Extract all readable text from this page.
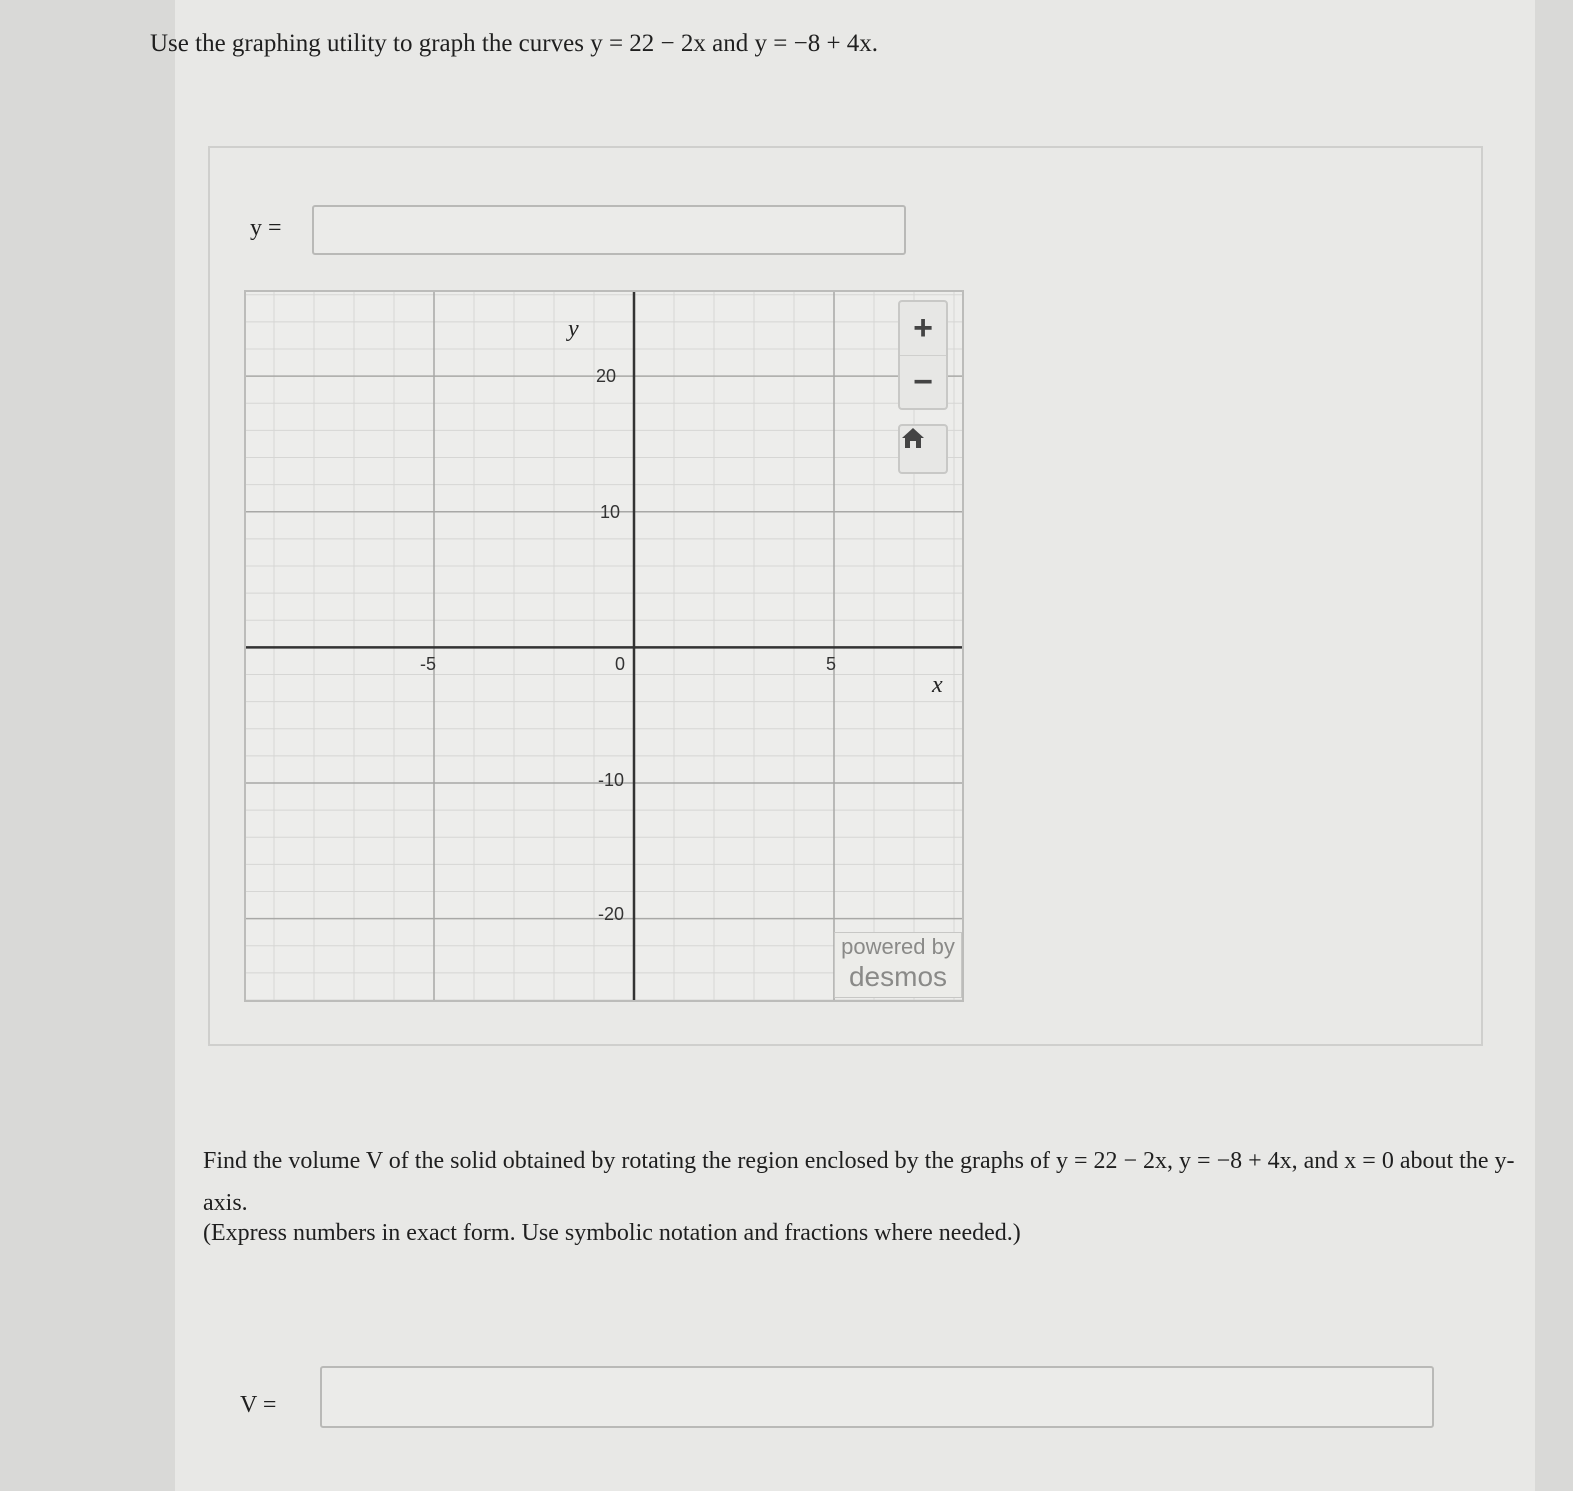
Use the graphing utility to graph the curves y = 22 − 2x and y = −8 + 4x.
y =
-5	0	5
20
10
-10
-20
y
x
+
−
powered by
desmos

Find the volume V of the solid obtained by rotating the region enclosed by the graphs of y = 22 − 2x, y = −8 + 4x, and x = 0 about the y-axis.

(Express numbers in exact form. Use symbolic notation and fractions where needed.)
V =
